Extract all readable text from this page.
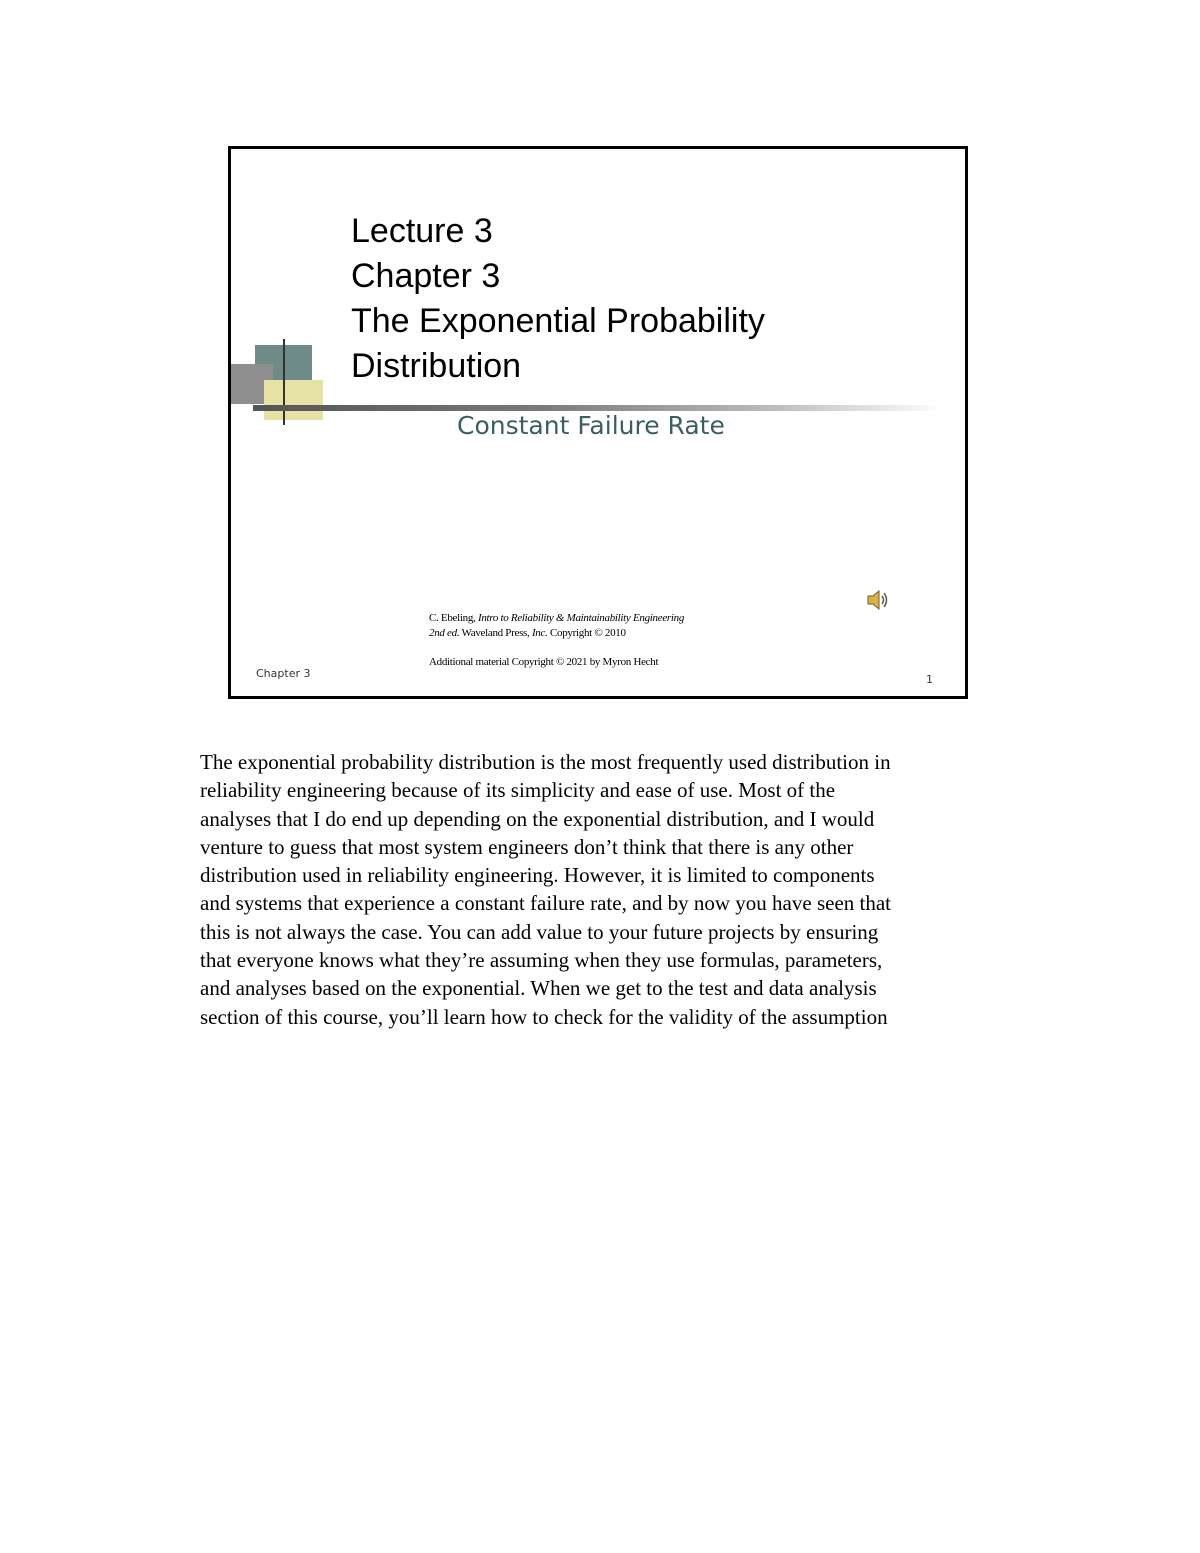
Lecture 3
Chapter 3
The Exponential Probability
Distribution
Constant Failure Rate
C. Ebeling, Intro to Reliability & Maintainability Engineering
2nd ed. Waveland Press, Inc. Copyright © 2010
Additional material Copyright © 2021 by Myron Hecht
Chapter 3	1
The exponential probability distribution is the most frequently used distribution in
reliability engineering because of its simplicity and ease of use. Most of the
analyses that I do end up depending on the exponential distribution, and I would
venture to guess that most system engineers don’t think that there is any other
distribution used in reliability engineering. However, it is limited to components
and systems that experience a constant failure rate, and by now you have seen that
this is not always the case. You can add value to your future projects by ensuring
that everyone knows what they’re assuming when they use formulas, parameters,
and analyses based on the exponential. When we get to the test and data analysis
section of this course, you’ll learn how to check for the validity of the assumption
